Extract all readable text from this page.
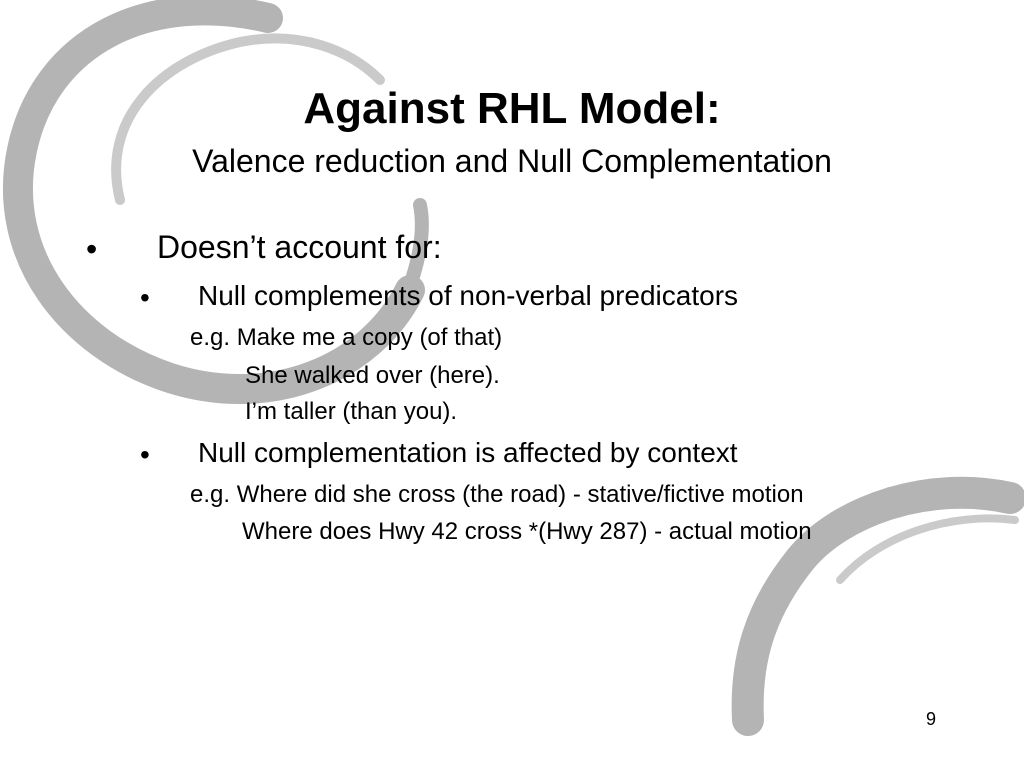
Against RHL Model:
Valence reduction and Null Complementation
• Doesn’t account for:
• Null complements of non-verbal predicators
e.g. Make me a copy (of that)
She walked over (here).
I’m taller (than you).
• Null complementation is affected by context
e.g. Where did she cross (the road) - stative/fictive motion
Where does Hwy 42 cross *(Hwy 287) - actual motion
9
